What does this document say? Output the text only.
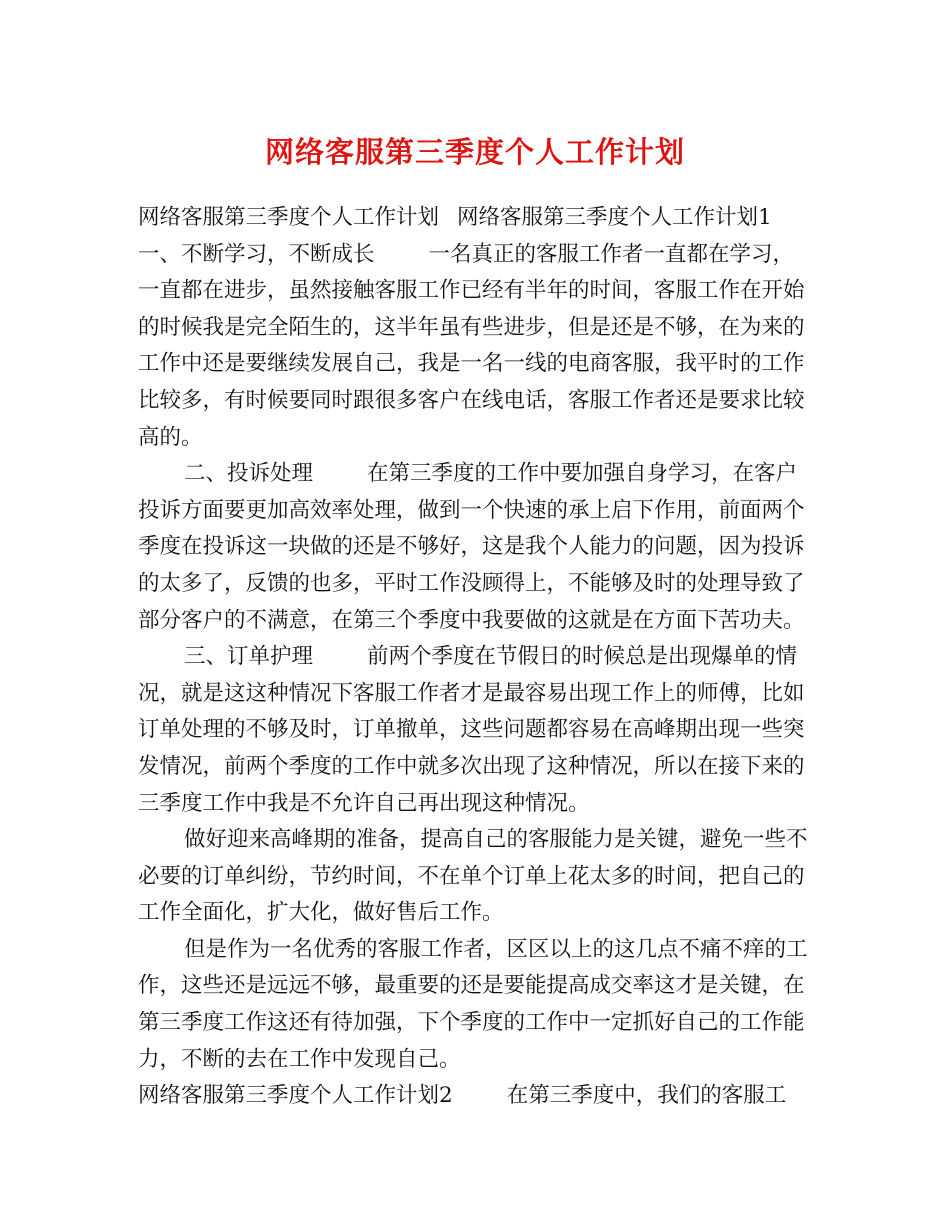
网络客服第三季度个人工作计划
网络客服第三季度个人工作计划 网络客服第三季度个人工作计划1
一、不断学习，不断成长	一名真正的客服工作者一直都在学习，
一直都在进步，虽然接触客服工作已经有半年的时间，客服工作在开始
的时候我是完全陌生的，这半年虽有些进步，但是还是不够，在为来的
工作中还是要继续发展自己，我是一名一线的电商客服，我平时的工作
比较多，有时候要同时跟很多客户在线电话，客服工作者还是要求比较
高的。
二、投诉处理	在第三季度的工作中要加强自身学习，在客户
投诉方面要更加高效率处理，做到一个快速的承上启下作用，前面两个
季度在投诉这一块做的还是不够好，这是我个人能力的问题，因为投诉
的太多了，反馈的也多，平时工作没顾得上，不能够及时的处理导致了
部分客户的不满意，在第三个季度中我要做的这就是在方面下苦功夫。
三、订单护理	前两个季度在节假日的时候总是出现爆单的情
况，就是这这种情况下客服工作者才是最容易出现工作上的师傅，比如
订单处理的不够及时，订单撤单，这些问题都容易在高峰期出现一些突
发情况，前两个季度的工作中就多次出现了这种情况，所以在接下来的
三季度工作中我是不允许自己再出现这种情况。
做好迎来高峰期的准备，提高自己的客服能力是关键，避免一些不
必要的订单纠纷，节约时间，不在单个订单上花太多的时间，把自己的
工作全面化，扩大化，做好售后工作。
但是作为一名优秀的客服工作者，区区以上的这几点不痛不痒的工
作，这些还是远远不够，最重要的还是要能提高成交率这才是关键，在
第三季度工作这还有待加强，下个季度的工作中一定抓好自己的工作能
力，不断的去在工作中发现自己。
网络客服第三季度个人工作计划2	在第三季度中，我们的客服工
